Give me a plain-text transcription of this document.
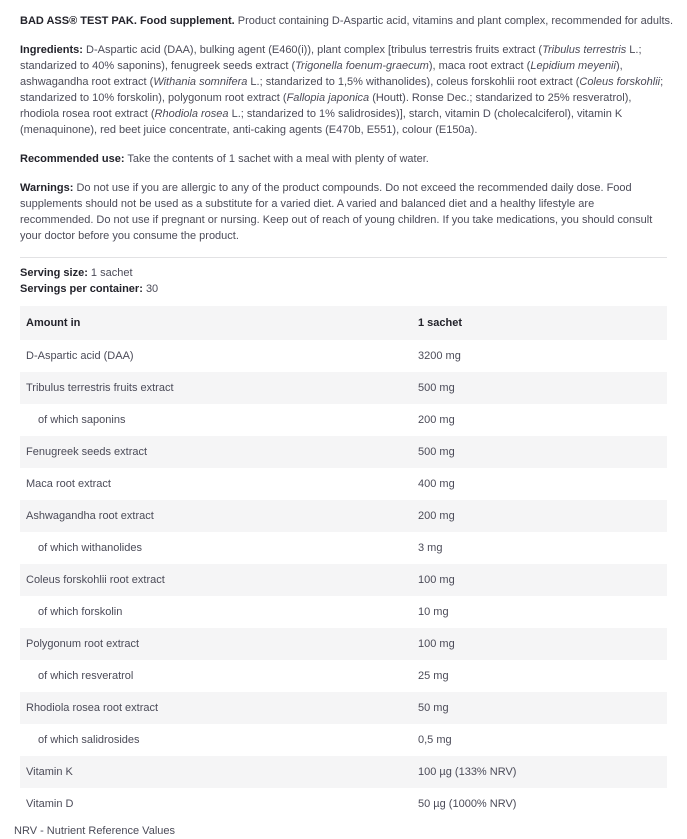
BAD ASS® TEST PAK. Food supplement. Product containing D-Aspartic acid, vitamins and plant complex, recommended for adults.

Ingredients: D-Aspartic acid (DAA), bulking agent (E460(i)), plant complex [tribulus terrestris fruits extract (Tribulus terrestris L.; standarized to 40% saponins), fenugreek seeds extract (Trigonella foenum-graecum), maca root extract (Lepidium meyenii), ashwagandha root extract (Withania somnifera L.; standarized to 1,5% withanolides), coleus forskohlii root extract (Coleus forskohlii; standarized to 10% forskolin), polygonum root extract (Fallopia japonica (Houtt). Ronse Dec.; standarized to 25% resveratrol), rhodiola rosea root extract (Rhodiola rosea L.; standarized to 1% salidrosides)], starch, vitamin D (cholecalciferol), vitamin K (menaquinone), red beet juice concentrate, anti-caking agents (E470b, E551), colour (E150a).

Recommended use: Take the contents of 1 sachet with a meal with plenty of water.

Warnings: Do not use if you are allergic to any of the product compounds. Do not exceed the recommended daily dose. Food supplements should not be used as a substitute for a varied diet. A varied and balanced diet and a healthy lifestyle are recommended. Do not use if pregnant or nursing. Keep out of reach of young children. If you take medications, you should consult your doctor before you consume the product.

Serving size: 1 sachet
Servings per container: 30
Amount in	1 sachet
D-Aspartic acid (DAA)	3200 mg
Tribulus terrestris fruits extract	500 mg
of which saponins	200 mg
Fenugreek seeds extract	500 mg
Maca root extract	400 mg
Ashwagandha root extract	200 mg
of which withanolides	3 mg
Coleus forskohlii root extract	100 mg
of which forskolin	10 mg
Polygonum root extract	100 mg
of which resveratrol	25 mg
Rhodiola rosea root extract	50 mg
of which salidrosides	0,5 mg
Vitamin K	100 µg (133% NRV)
Vitamin D	50 µg (1000% NRV)
NRV - Nutrient Reference Values
